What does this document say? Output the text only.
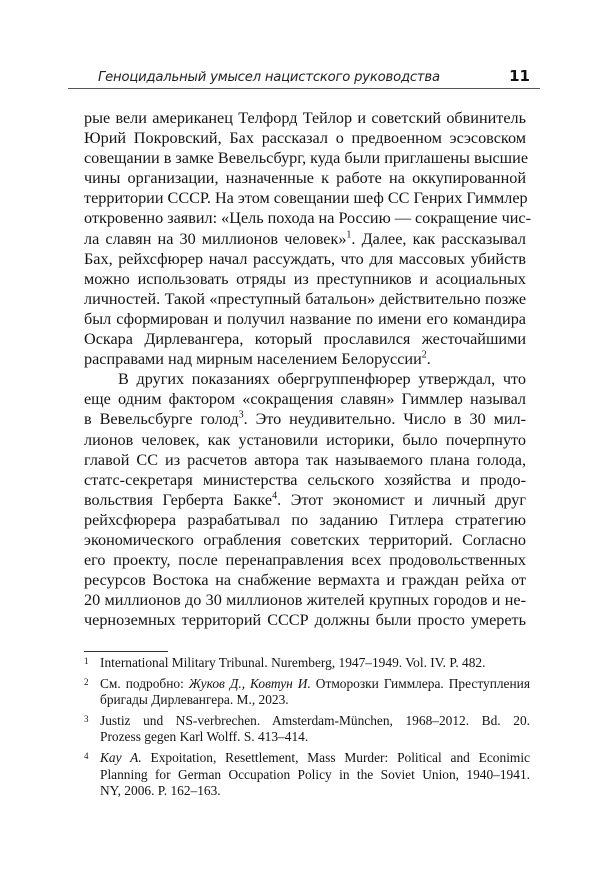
Геноцидальный умысел нацистского руководства	11
рые вели американец Телфорд Тейлор и советский обвинитель
Юрий Покровский, Бах рассказал о предвоенном эсэсовском
совещании в замке Вевельсбург, куда были приглашены высшие
чины организации, назначенные к работе на оккупированной
территории СССР. На этом совещании шеф СС Генрих Гиммлер
откровенно заявил: «Цель похода на Россию — сокращение чис-
ла славян на 30 миллионов человек»$^1$. Далее, как рассказывал
Бах, рейхсфюрер начал рассуждать, что для массовых убийств
можно использовать отряды из преступников и асоциальных
личностей. Такой «преступный батальон» действительно позже
был сформирован и получил название по имени его командира
Оскара Дирлевангера, который прославился жесточайшими
расправами над мирным населением Белоруссии$^2$.
В других показаниях обергруппенфюрер утверждал, что
еще одним фактором «сокращения славян» Гиммлер называл
в Вевельсбурге голод$^3$. Это неудивительно. Число в 30 мил-
лионов человек, как установили историки, было почерпнуто
главой СС из расчетов автора так называемого плана голода,
статс-секретаря министерства сельского хозяйства и продо-
вольствия Герберта Бакке$^4$. Этот экономист и личный друг
рейхсфюрера разрабатывал по заданию Гитлера стратегию
экономического ограбления советских территорий. Согласно
его проекту, после перенаправления всех продовольственных
ресурсов Востока на снабжение вермахта и граждан рейха от
20 миллионов до 30 миллионов жителей крупных городов и не-
черноземных территорий СССР должны были просто умереть
1 International Military Tribunal. Nuremberg, 1947–1949. Vol. IV. P. 482.
2 См. подробно: Жуков Д., Ковтун И. Отморозки Гиммлера. Преступления
бригады Дирлевангера. М., 2023.
3 Justiz und NS-verbrechen. Amsterdam-München, 1968–2012. Bd. 20.
Prozess gegen Karl Wolff. S. 413–414.
4 Kay A. Expoitation, Resettlement, Mass Murder: Political and Econimic
Planning for German Occupation Policy in the Soviet Union, 1940–1941.
NY, 2006. P. 162–163.
